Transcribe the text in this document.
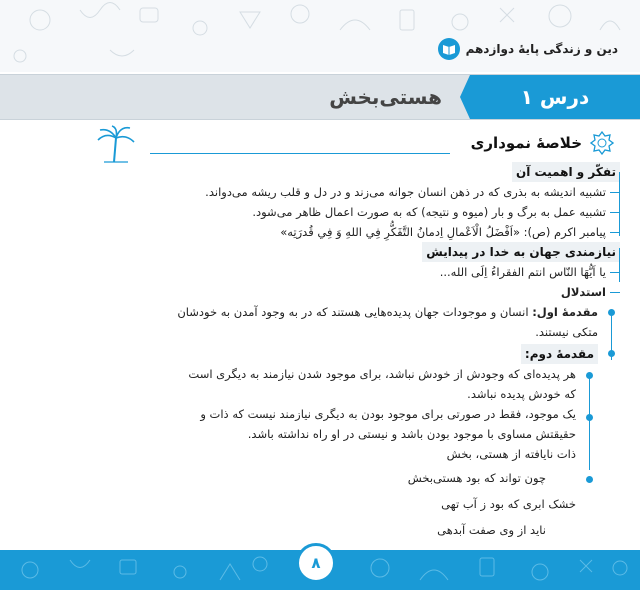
دین و زندگی پایهٔ دوازدهم
درس ۱
هستی‌بخش
خلاصهٔ نموداری
تفکّر و اهمیت آن
تشبیه اندیشه به بذری که در ذهن انسان جوانه می‌زند و در دل و قلب ریشه می‌دواند.
تشبیه عمل به برگ و بار (میوه و نتیجه) که به صورت اعمال ظاهر می‌شود.
پیامبر اکرم (ص): «اَفْضَلُ الْاَعْمالِ اِدمانُ التَّفَكُّرِ فِي اللهِ وَ فِي قُدرَتِه»
نیازمندی جهان به خدا در پیدایش
یا اَیُّهَا النّاس انتم الفقراءُ اِلَی الله...
استدلال
مقدمهٔ اول: انسان و موجودات جهان پدیده‌هایی هستند که در به وجود آمدن به خودشان متکی نیستند.
مقدمهٔ دوم:
هر پدیده‌ای که وجودش از خودش نباشد، برای موجود شدن نیازمند به دیگری است که خودش پدیده نباشد.
یک موجود، فقط در صورتی برای موجود بودن به دیگری نیازمند نیست که ذات و حقیقتش مساوی با موجود بودن باشد و نیستی در او راه نداشته باشد.
ذات نایافته از هستی، بخش
چون تواند که بود هستی‌بخش
خشک ابری که بود ز آب تهی
ناید از وی صفت آبدهی
۸
